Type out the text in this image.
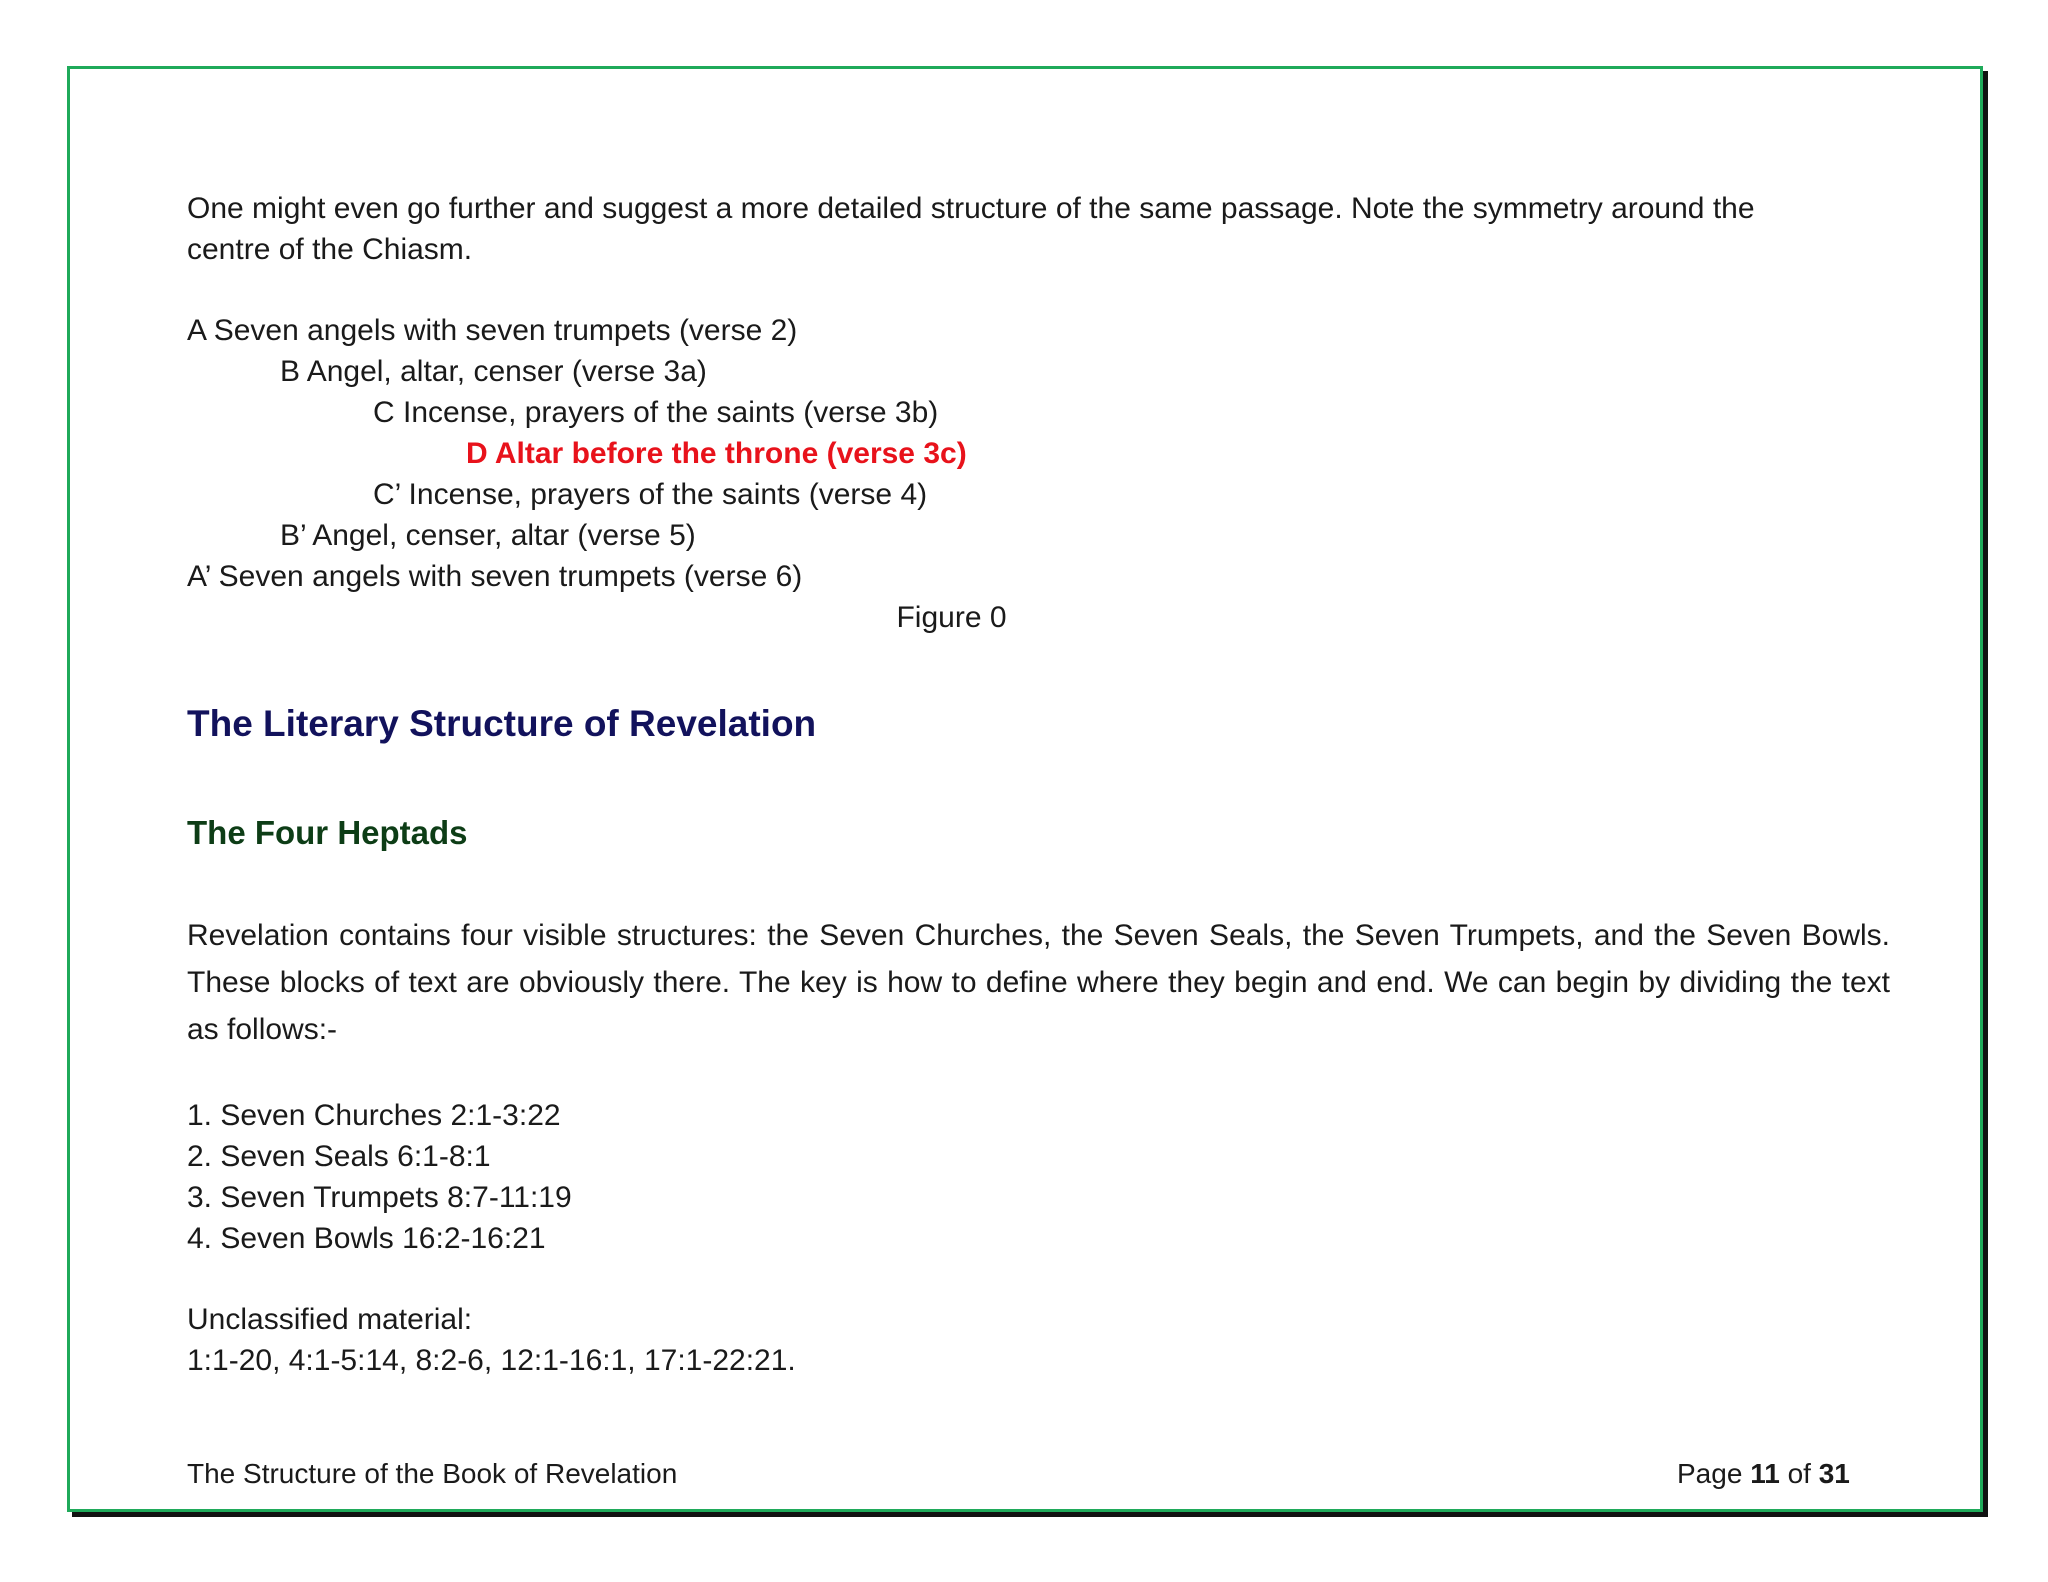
One might even go further and suggest a more detailed structure of the same passage. Note the symmetry around the
centre of the Chiasm.
A Seven angels with seven trumpets (verse 2)
B Angel, altar, censer (verse 3a)
C Incense, prayers of the saints (verse 3b)
D Altar before the throne (verse 3c)
C’ Incense, prayers of the saints (verse 4)
B’ Angel, censer, altar (verse 5)
A’ Seven angels with seven trumpets (verse 6)
Figure 0
The Literary Structure of Revelation
The Four Heptads
Revelation contains four visible structures: the Seven Churches, the Seven Seals, the Seven Trumpets, and the Seven Bowls. These blocks of text are obviously there. The key is how to define where they begin and end. We can begin by dividing the text as follows:-
1. Seven Churches 2:1-3:22
2. Seven Seals 6:1-8:1
3. Seven Trumpets 8:7-11:19
4. Seven Bowls 16:2-16:21
Unclassified material:
1:1-20, 4:1-5:14, 8:2-6, 12:1-16:1, 17:1-22:21.
The Structure of the Book of Revelation	Page 11 of 31
